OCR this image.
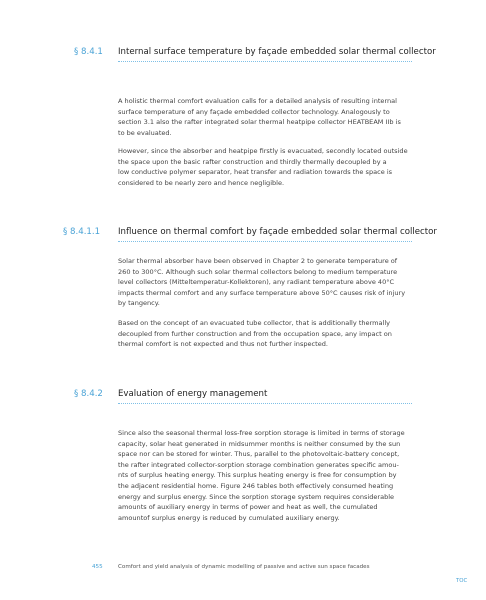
§ 8.4.1 Internal surface temperature by façade embedded solar thermal collector
A holistic thermal comfort evaluation calls for a detailed analysis of resulting internal
surface temperature of any façade embedded collector technology. Analogously to
section 3.1 also the rafter integrated solar thermal heatpipe collector HEATBEAM IIb is
to be evaluated.
However, since the absorber and heatpipe firstly is evacuated, secondly located outside
the space upon the basic rafter construction and thirdly thermally decoupled by a
low conductive polymer separator, heat transfer and radiation towards the space is
considered to be nearly zero and hence negligible.
§ 8.4.1.1 Influence on thermal comfort by façade embedded solar thermal collector
Solar thermal absorber have been observed in Chapter 2 to generate temperature of
260 to 300°C. Although such solar thermal collectors belong to medium temperature
level collectors (Mitteltemperatur-Kollektoren), any radiant temperature above 40°C
impacts thermal comfort and any surface temperature above 50°C causes risk of injury
by tangency.
Based on the concept of an evacuated tube collector, that is additionally thermally
decoupled from further construction and from the occupation space, any impact on
thermal comfort is not expected and thus not further inspected.
§ 8.4.2 Evaluation of energy management
Since also the seasonal thermal loss-free sorption storage is limited in terms of storage
capacity, solar heat generated in midsummer months is neither consumed by the sun
space nor can be stored for winter. Thus, parallel to the photovoltaic-battery concept,
the rafter integrated collector-sorption storage combination generates specific amou-
nts of surplus heating energy. This surplus heating energy is free for consumption by
the adjacent residential home. Figure 246 tables both effectively consumed heating
energy and surplus energy. Since the sorption storage system requires considerable
amounts of auxiliary energy in terms of power and heat as well, the cumulated
amountof surplus energy is reduced by cumulated auxiliary energy.
455	Comfort and yield analysis of dynamic modelling of passive and active sun space facades
TOC
